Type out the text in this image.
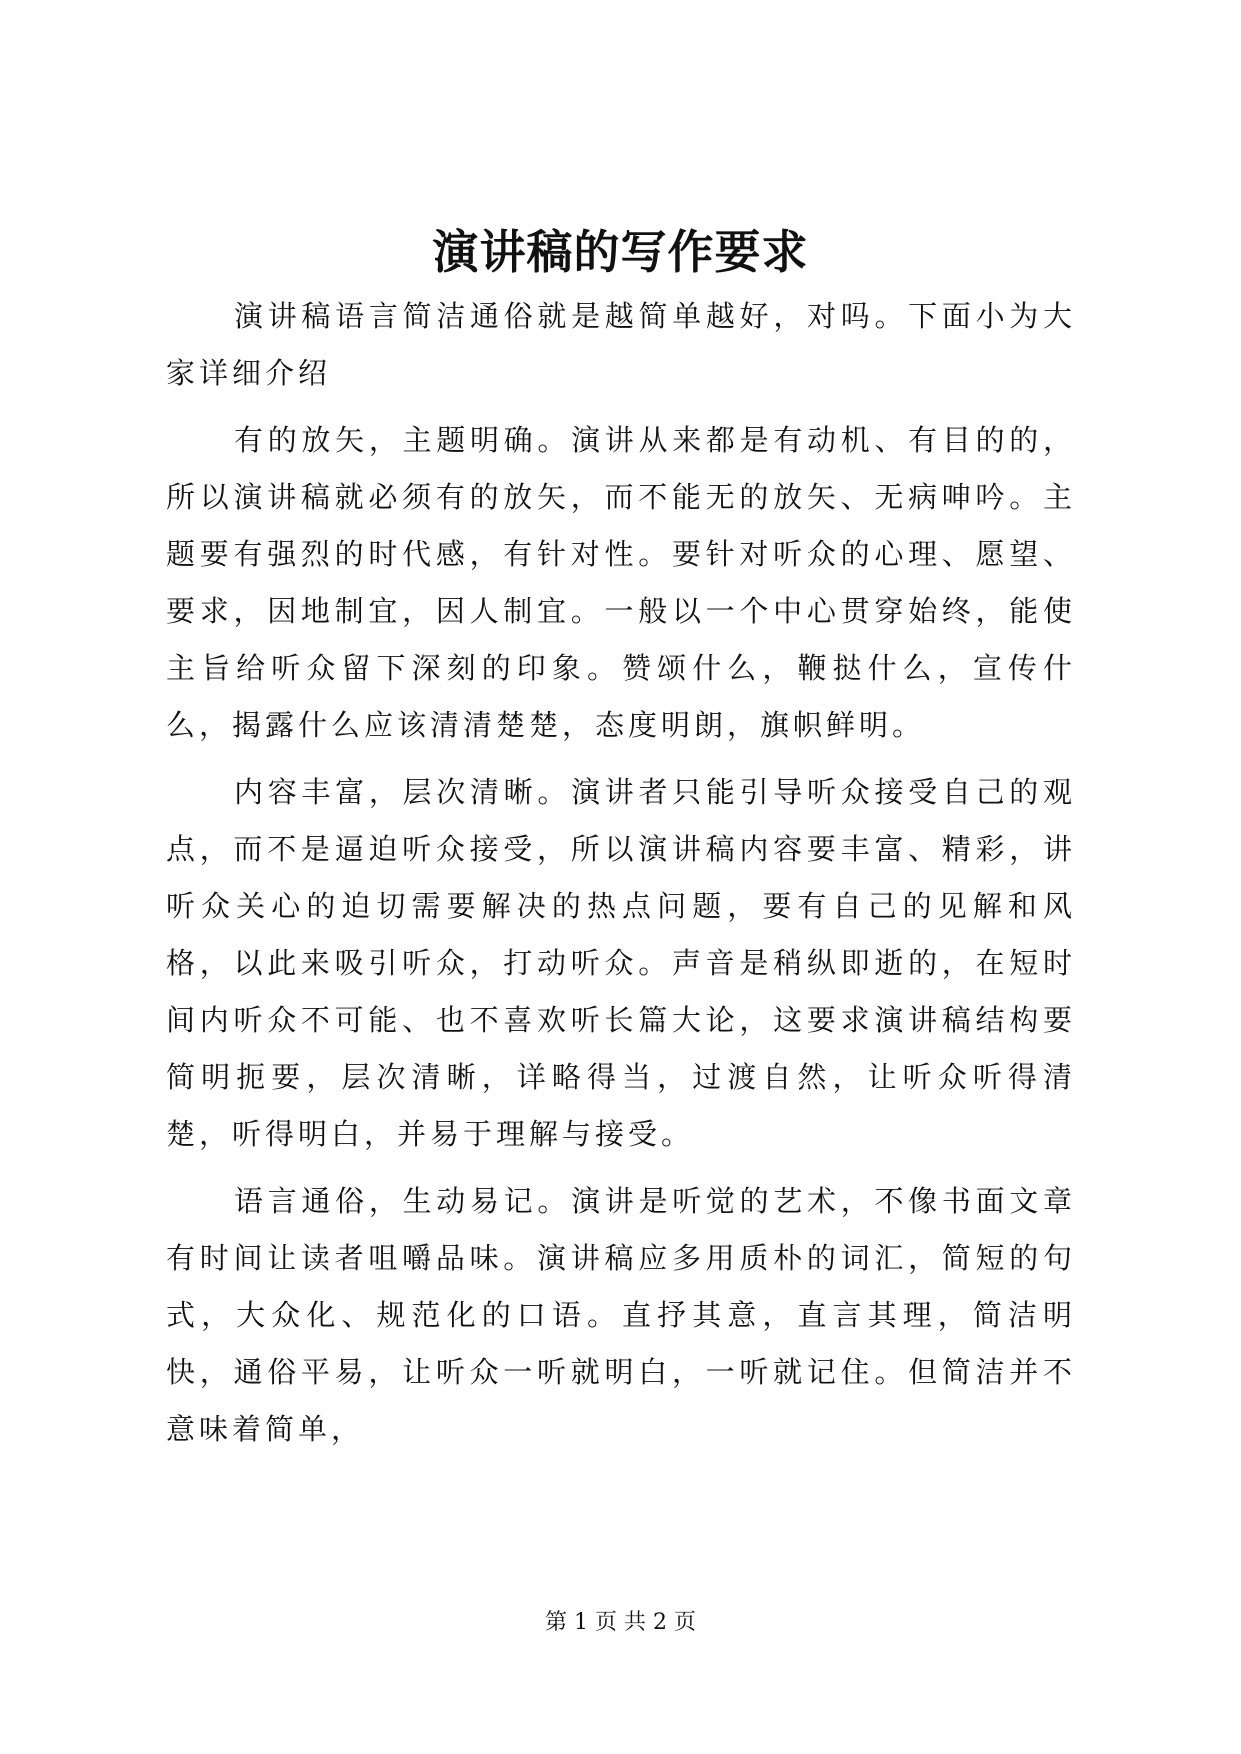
演讲稿的写作要求

演讲稿语言简洁通俗就是越简单越好，对吗。下面小为大家详细介绍

有的放矢，主题明确。演讲从来都是有动机、有目的的，所以演讲稿就必须有的放矢，而不能无的放矢、无病呻吟。主题要有强烈的时代感，有针对性。要针对听众的心理、愿望、要求，因地制宜，因人制宜。一般以一个中心贯穿始终，能使主旨给听众留下深刻的印象。赞颂什么，鞭挞什么，宣传什么，揭露什么应该清清楚楚，态度明朗，旗帜鲜明。

内容丰富，层次清晰。演讲者只能引导听众接受自己的观点，而不是逼迫听众接受，所以演讲稿内容要丰富、精彩，讲听众关心的迫切需要解决的热点问题，要有自己的见解和风格，以此来吸引听众，打动听众。声音是稍纵即逝的，在短时间内听众不可能、也不喜欢听长篇大论，这要求演讲稿结构要简明扼要，层次清晰，详略得当，过渡自然，让听众听得清楚，听得明白，并易于理解与接受。

语言通俗，生动易记。演讲是听觉的艺术，不像书面文章有时间让读者咀嚼品味。演讲稿应多用质朴的词汇，简短的句式，大众化、规范化的口语。直抒其意，直言其理，简洁明快，通俗平易，让听众一听就明白，一听就记住。但简洁并不意味着简单，

第 1 页 共 2 页
